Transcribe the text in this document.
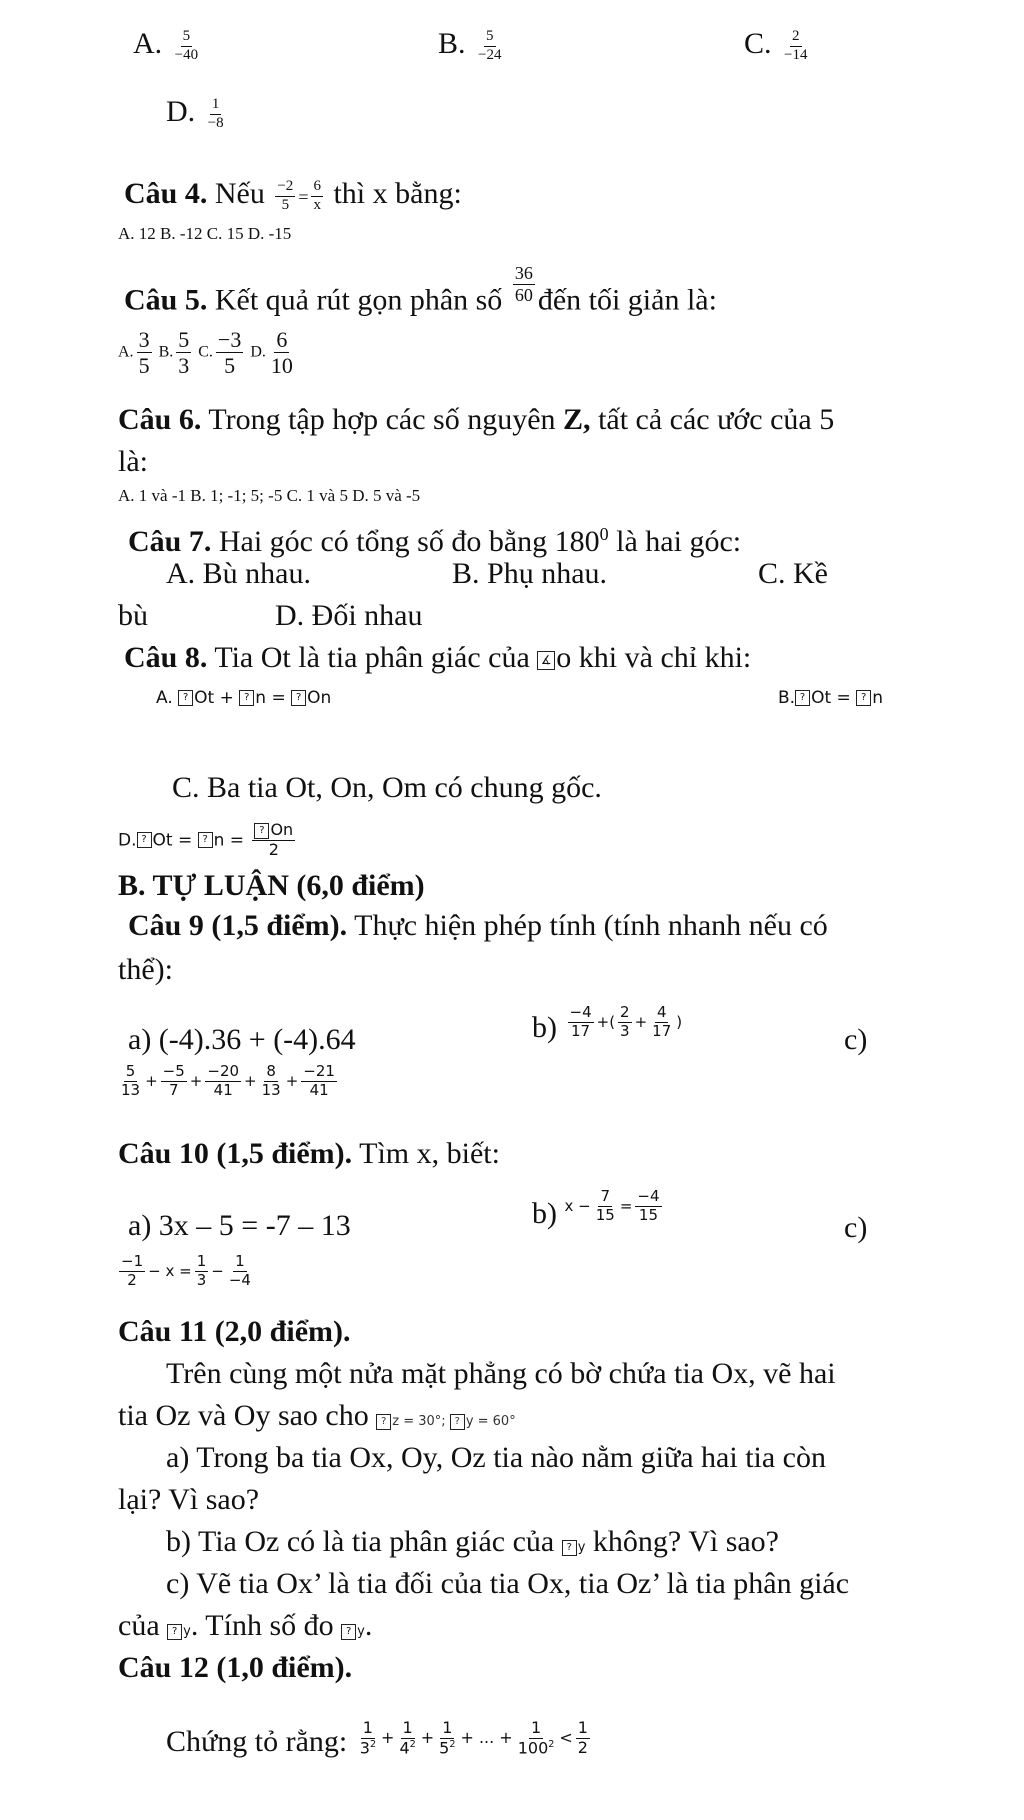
A. $\frac{5}{-40}$	B. $\frac{5}{-24}$	C. $\frac{2}{-14}$
D. $\frac{1}{-8}$
Câu 4. Nếu $\frac{-2}{5} = \frac{6}{x}$ thì x bằng:
A. 12 B. -12 C. 15 D. -15
Câu 5. Kết quả rút gọn phân số $\frac{36}{60}$ đến tối giản là:
A. $\frac{3}{5} B$. $\frac{5}{3} C$. $\frac{-3}{5} D$. $\frac{6}{10}$
Câu 6. Trong tập hợp các số nguyên Z, tất cả các ước của 5
là:
A. 1 và -1 B. 1; -1; 5; -5 C. 1 và 5 D. 5 và -5
Câu 7. Hai góc có tổng số đo bằng $180^0$ là hai góc:
A. Bù nhau.	B. Phụ nhau.	C. Kề
bù	D. Đối nhau
Câu 8. Tia Ot là tia phân giác của ∡ o khi và chỉ khi:
A. ? Ot + ? n = ? On	B. ? Ot = ? n
C. Ba tia Ot, On, Om có chung gốc.
D. ? Ot = ? $n = \frac{? On}{2}$
B. TỰ LUẬN (6,0 điểm)
Câu 9 (1,5 điểm). Thực hiện phép tính (tính nhanh nếu có
thể):
a) (-4).36 + (-4).64	b) $^{\frac{-4}{17} +( \frac{2}{3} + \frac{4}{17} )}$
c)
$\frac{5}{13} + \frac{-5}{7} + \frac{-20}{41} + \frac{8}{13} + \frac{-21}{41}$
Câu 10 (1,5 điểm). Tìm x, biết:
a) 3x – 5 = -7 – 13	b) $^{x - \frac{7}{15} = \frac{-4}{15}}$
c)
$\frac{-1}{2} - x = \frac{1}{3} - \frac{1}{-4}$
Câu 11 (2,0 điểm).
Trên cùng một nửa mặt phẳng có bờ chứa tia Ox, vẽ hai
tia Oz và Oy sao cho ? z = 30°; ? y = 60°
a) Trong ba tia Ox, Oy, Oz tia nào nằm giữa hai tia còn
lại? Vì sao?
b) Tia Oz có là tia phân giác của ? y không? Vì sao?
c) Vẽ tia Ox’ là tia đối của tia Ox, tia Oz’ là tia phân giác
của ? y. Tính số đo ? y.
Câu 12 (1,0 điểm).
Chứng tỏ rằng: $^{\frac{1}{3^2} + \frac{1}{4^2} + \frac{1}{5^2} + ... + \frac{1}{100^2} < \frac{1}{2}}$
